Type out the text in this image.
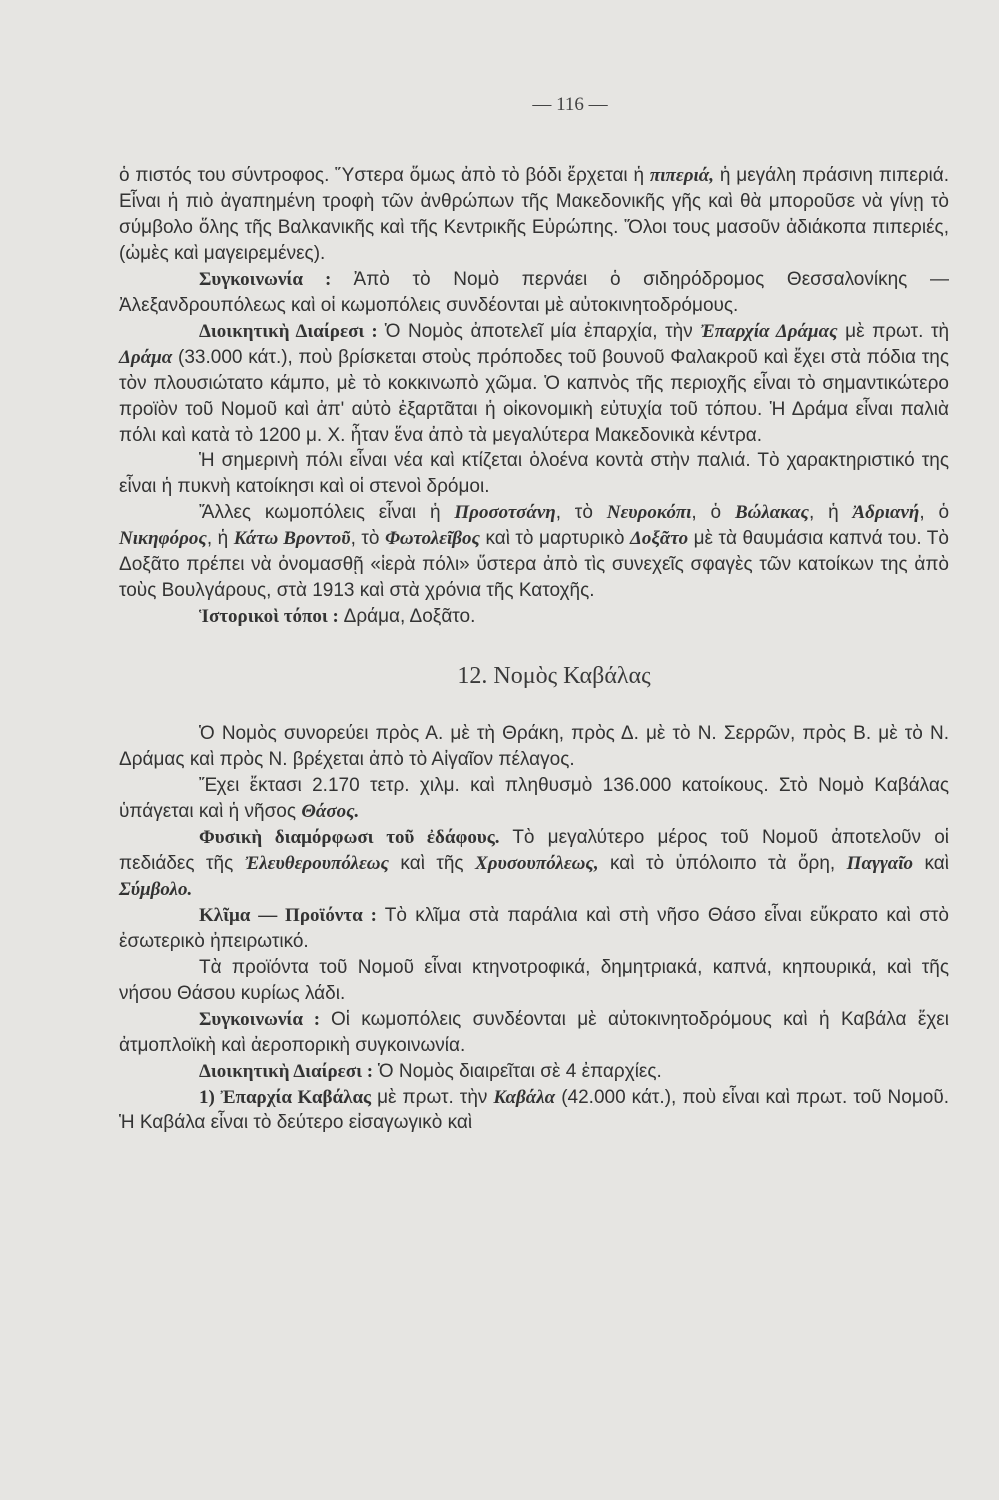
— 116 —

ὁ πιστός του σύντροφος. Ὕστερα ὅμως ἀπὸ τὸ βόδι ἔρχεται ἡ πιπεριά, ἡ μεγάλη πράσινη πιπεριά. Εἶναι ἡ πιὸ ἀγαπημένη τροφὴ τῶν ἀνθρώπων τῆς Μακεδονικῆς γῆς καὶ θὰ μποροῦσε νὰ γίνῃ τὸ σύμβολο ὅλης τῆς Βαλκανικῆς καὶ τῆς Κεντρικῆς Εὐρώπης. Ὅλοι τους μασοῦν ἀδιάκοπα πιπεριές, (ὠμὲς καὶ μαγειρεμένες).

Συγκοινωνία : Ἀπὸ τὸ Νομὸ περνάει ὁ σιδηρόδρομος Θεσσαλονίκης — Ἀλεξανδρουπόλεως καὶ οἱ κωμοπόλεις συνδέονται μὲ αὐτοκινητοδρόμους.

Διοικητικὴ Διαίρεσι : Ὁ Νομὸς ἀποτελεῖ μία ἐπαρχία, τὴν Ἐπαρχία Δράμας μὲ πρωτ. τὴ Δράμα (33.000 κάτ.), ποὺ βρίσκεται στοὺς πρόποδες τοῦ βουνοῦ Φαλακροῦ καὶ ἔχει στὰ πόδια της τὸν πλουσιώτατο κάμπο, μὲ τὸ κοκκινωπὸ χῶμα. Ὁ καπνὸς τῆς περιοχῆς εἶναι τὸ σημαντικώτερο προϊὸν τοῦ Νομοῦ καὶ ἀπ' αὐτὸ ἐξαρτᾶται ἡ οἰκονομικὴ εὐτυχία τοῦ τόπου. Ἡ Δράμα εἶναι παλιὰ πόλι καὶ κατὰ τὸ 1200 μ. Χ. ἦταν ἕνα ἀπὸ τὰ μεγαλύτερα Μακεδονικὰ κέντρα.

Ἡ σημερινὴ πόλι εἶναι νέα καὶ κτίζεται ὁλοένα κοντὰ στὴν παλιά. Τὸ χαρακτηριστικό της εἶναι ἡ πυκνὴ κατοίκησι καὶ οἱ στενοὶ δρόμοι.

Ἄλλες κωμοπόλεις εἶναι ἡ Προσοτσάνη, τὸ Νευροκόπι, ὁ Βώλακας, ἡ Ἀδριανή, ὁ Νικηφόρος, ἡ Κάτω Βροντοῦ, τὸ Φωτολεῖβος καὶ τὸ μαρτυρικὸ Δοξᾶτο μὲ τὰ θαυμάσια καπνά του. Τὸ Δοξᾶτο πρέπει νὰ ὀνομασθῇ «ἱερὰ πόλι» ὕστερα ἀπὸ τὶς συνεχεῖς σφαγὲς τῶν κατοίκων της ἀπὸ τοὺς Βουλγάρους, στὰ 1913 καὶ στὰ χρόνια τῆς Κατοχῆς.

Ἱστορικοὶ τόποι : Δράμα, Δοξᾶτο.

12. Νομὸς Καβάλας

Ὁ Νομὸς συνορεύει πρὸς Α. μὲ τὴ Θράκη, πρὸς Δ. μὲ τὸ Ν. Σερρῶν, πρὸς Β. μὲ τὸ Ν. Δράμας καὶ πρὸς Ν. βρέχεται ἀπὸ τὸ Αἰγαῖον πέλαγος.

Ἔχει ἔκτασι 2.170 τετρ. χιλμ. καὶ πληθυσμὸ 136.000 κατοίκους. Στὸ Νομὸ Καβάλας ὑπάγεται καὶ ἡ νῆσος Θάσος.

Φυσικὴ διαμόρφωσι τοῦ ἐδάφους. Τὸ μεγαλύτερο μέρος τοῦ Νομοῦ ἀποτελοῦν οἱ πεδιάδες τῆς Ἐλευθερουπόλεως καὶ τῆς Χρυσουπόλεως, καὶ τὸ ὑπόλοιπο τὰ ὄρη, Παγγαῖο καὶ Σύμβολο.

Κλῖμα — Προϊόντα : Τὸ κλῖμα στὰ παράλια καὶ στὴ νῆσο Θάσο εἶναι εὔκρατο καὶ στὸ ἐσωτερικὸ ἠπειρωτικό.

Τὰ προϊόντα τοῦ Νομοῦ εἶναι κτηνοτροφικά, δημητριακά, καπνά, κηπουρικά, καὶ τῆς νήσου Θάσου κυρίως λάδι.

Συγκοινωνία : Οἱ κωμοπόλεις συνδέονται μὲ αὐτοκινητοδρόμους καὶ ἡ Καβάλα ἔχει ἀτμοπλοϊκὴ καὶ ἀεροπορικὴ συγκοινωνία.

Διοικητικὴ Διαίρεσι : Ὁ Νομὸς διαιρεῖται σὲ 4 ἐπαρχίες.

1) Ἐπαρχία Καβάλας μὲ πρωτ. τὴν Καβάλα (42.000 κάτ.), ποὺ εἶναι καὶ πρωτ. τοῦ Νομοῦ. Ἡ Καβάλα εἶναι τὸ δεύτερο εἰσαγωγικὸ καὶ
